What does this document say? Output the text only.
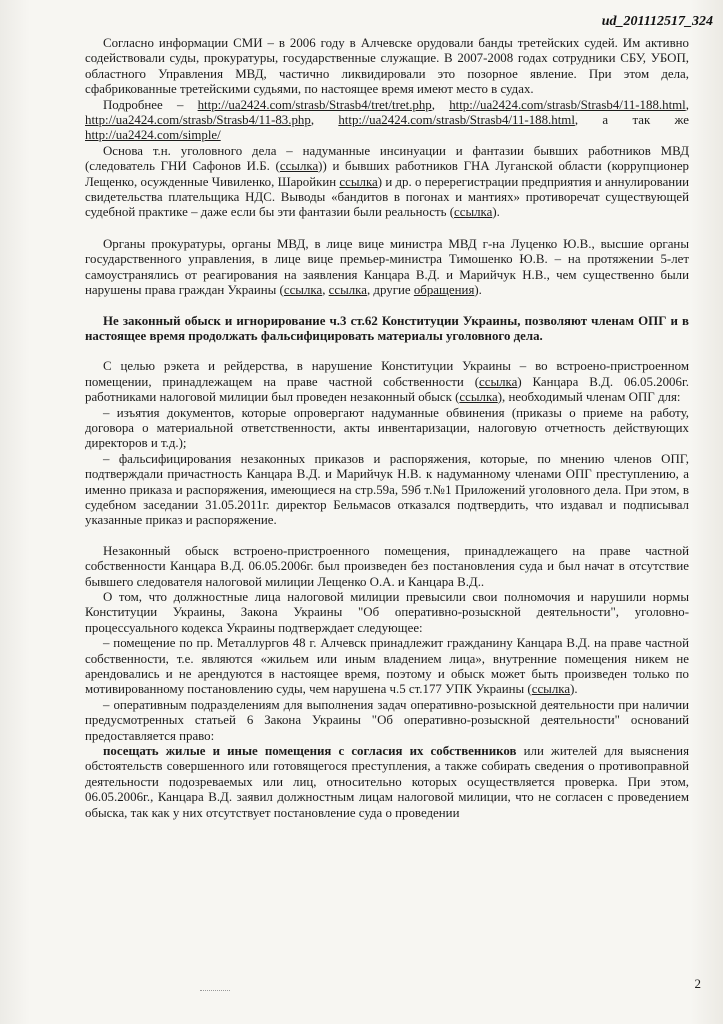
ud_201112517_324

Согласно информации СМИ – в 2006 году в Алчевске орудовали банды третейских судей. Им активно содействовали суды, прокуратуры, государственные служащие. В 2007-2008 годах сотрудники СБУ, УБОП, областного Управления МВД, частично ликвидировали это позорное явление. При этом дела, сфабрикованные третейскими судьями, по настоящее время имеют место в судах.

Подробнее – http://ua2424.com/strasb/Strasb4/tret/tret.php, http://ua2424.com/strasb/Strasb4/11-188.html, http://ua2424.com/strasb/Strasb4/11-83.php, http://ua2424.com/strasb/Strasb4/11-188.html, а так же http://ua2424.com/simple/

Основа т.н. уголовного дела – надуманные инсинуации и фантазии бывших работников МВД (следователь ГНИ Сафонов И.Б. (ссылка)) и бывших работников ГНА Луганской области (коррупционер Лещенко, осужденные Чивиленко, Шаройкин ссылка) и др. о перерегистрации предприятия и аннулировании свидетельства плательщика НДС. Выводы «бандитов в погонах и мантиях» противоречат существующей судебной практике – даже если бы эти фантазии были реальность (ссылка).

Органы прокуратуры, органы МВД, в лице вице министра МВД г-на Луценко Ю.В., высшие органы государственного управления, в лице вице премьер-министра Тимошенко Ю.В. – на протяжении 5-лет самоустранялись от реагирования на заявления Канцара В.Д. и Марийчук Н.В., чем существенно были нарушены права граждан Украины (ссылка, ссылка, другие обращения).

Не законный обыск и игнорирование ч.3 ст.62 Конституции Украины, позволяют членам ОПГ и в настоящее время продолжать фальсифицировать материалы уголовного дела.

С целью рэкета и рейдерства, в нарушение Конституции Украины – во встроено-пристроенном помещении, принадлежащем на праве частной собственности (ссылка) Канцара В.Д. 06.05.2006г. работниками налоговой милиции был проведен незаконный обыск (ссылка), необходимый членам ОПГ для:

– изъятия документов, которые опровергают надуманные обвинения (приказы о приеме на работу, договора о материальной ответственности, акты инвентаризации, налоговую отчетность действующих директоров и т.д.);

– фальсифицирования незаконных приказов и распоряжения, которые, по мнению членов ОПГ, подтверждали причастность Канцара В.Д. и Марийчук Н.В. к надуманному членами ОПГ преступлению, а именно приказа и распоряжения, имеющиеся на стр.59а, 59б т.№1 Приложений уголовного дела. При этом, в судебном заседании 31.05.2011г. директор Бельмасов отказался подтвердить, что издавал и подписывал указанные приказ и распоряжение.

Незаконный обыск встроено-пристроенного помещения, принадлежащего на праве частной собственности Канцара В.Д. 06.05.2006г. был произведен без постановления суда и был начат в отсутствие бывшего следователя налоговой милиции Лещенко О.А. и Канцара В.Д..

О том, что должностные лица налоговой милиции превысили свои полномочия и нарушили нормы Конституции Украины, Закона Украины "Об оперативно-розыскной деятельности", уголовно-процессуального кодекса Украины подтверждает следующее:

– помещение по пр. Металлургов 48 г. Алчевск принадлежит гражданину Канцара В.Д. на праве частной собственности, т.е. являются «жильем или иным владением лица», внутренние помещения никем не арендовались и не арендуются в настоящее время, поэтому и обыск может быть произведен только по мотивированному постановлению суды, чем нарушена ч.5 ст.177 УПК Украины (ссылка).

– оперативным подразделениям для выполнения задач оперативно-розыскной деятельности при наличии предусмотренных статьей 6 Закона Украины "Об оперативно-розыскной деятельности" оснований предоставляется право:

посещать жилые и иные помещения с согласия их собственников или жителей для выяснения обстоятельств совершенного или готовящегося преступления, а также собирать сведения о противоправной деятельности подозреваемых или лиц, относительно которых осуществляется проверка. При этом, 06.05.2006г., Канцара В.Д. заявил должностным лицам налоговой милиции, что не согласен с проведением обыска, так как у них отсутствует постановление суда о проведении

2
